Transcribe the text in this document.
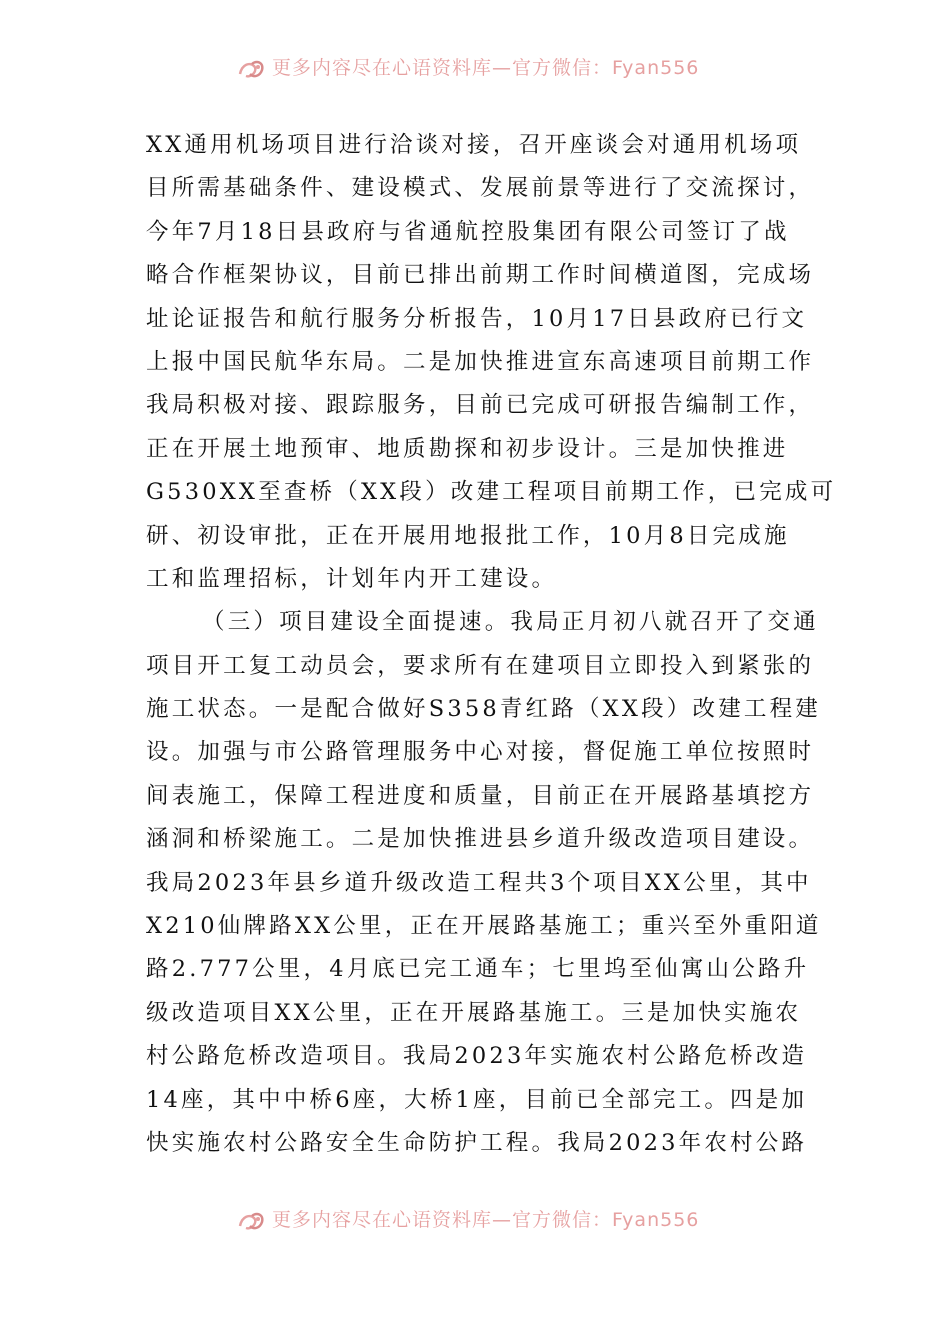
更多内容尽在心语资料库—官方微信：Fyan556

XX通用机场项目进行洽谈对接，召开座谈会对通用机场项
目所需基础条件、建设模式、发展前景等进行了交流探讨，
今年7月18日县政府与省通航控股集团有限公司签订了战
略合作框架协议，目前已排出前期工作时间横道图，完成场
址论证报告和航行服务分析报告，10月17日县政府已行文
上报中国民航华东局。二是加快推进宣东高速项目前期工作
我局积极对接、跟踪服务，目前已完成可研报告编制工作，
正在开展土地预审、地质勘探和初步设计。三是加快推进
G530XX至查桥（XX段）改建工程项目前期工作，已完成可
研、初设审批，正在开展用地报批工作，10月8日完成施
工和监理招标，计划年内开工建设。

（三）项目建设全面提速。我局正月初八就召开了交通
项目开工复工动员会，要求所有在建项目立即投入到紧张的
施工状态。一是配合做好S358青红路（XX段）改建工程建
设。加强与市公路管理服务中心对接，督促施工单位按照时
间表施工，保障工程进度和质量，目前正在开展路基填挖方
涵洞和桥梁施工。二是加快推进县乡道升级改造项目建设。
我局2023年县乡道升级改造工程共3个项目XX公里，其中
X210仙牌路XX公里，正在开展路基施工；重兴至外重阳道
路2.777公里，4月底已完工通车；七里坞至仙寓山公路升
级改造项目XX公里，正在开展路基施工。三是加快实施农
村公路危桥改造项目。我局2023年实施农村公路危桥改造
14座，其中中桥6座，大桥1座，目前已全部完工。四是加
快实施农村公路安全生命防护工程。我局2023年农村公路

更多内容尽在心语资料库—官方微信：Fyan556
